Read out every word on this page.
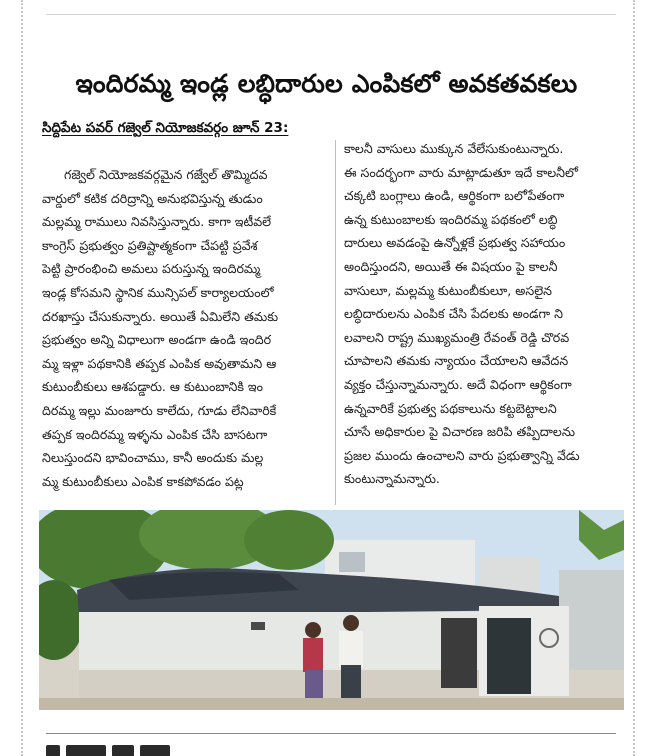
ఇందిరమ్మ ఇండ్ల లబ్ధిదారుల ఎంపికలో అవకతవకలు
సిద్దిపేట పవర్ గజ్వెల్ నియోజకవర్గం జూన్ 23:
గజ్వెల్ నియోజకవర్గమైన గజ్వేల్ తొమ్మిదవ
వార్డులో కటిక దరిద్రాన్ని అనుభవిస్తున్న తుడుం
మల్లమ్మ రాములు నివసిస్తున్నారు. కాగా ఇటీవలే
కాంగ్రెస్ ప్రభుత్వం ప్రతిష్టాత్మకంగా చేపట్టి ప్రవేశ
పెట్టి ప్రారంభించి అమలు పరుస్తున్న ఇందిరమ్మ
ఇండ్ల కోసమని స్థానిక మున్సిపల్ కార్యాలయంలో
దరఖాస్తు చేసుకున్నారు. అయితే ఏమిలేని తమకు
ప్రభుత్వం అన్ని విధాలుగా అండగా ఉండి ఇందిర
మ్మ ఇళ్లా పథకానికి తప్పక ఎంపిక అవుతామని ఆ
కుటుంబీకులు ఆశపడ్డారు. ఆ కుటుంబానికి ఇం
దిరమ్మ ఇల్లు మంజూరు కాలేదు, గూడు లేనివారికే
తప్పక ఇందిరమ్మ ఇళ్ళను ఎంపిక చేసి బాసటగా
నిలుస్తుందని భావించాము, కానీ అందుకు మల్ల
మ్మ కుటుంబీకులు ఎంపిక కాకపోవడం పట్ల
కాలనీ వాసులు ముక్కున వేలేసుకుంటున్నారు.
ఈ సందర్భంగా వారు మాట్లాడుతూ ఇదే కాలనీలో
చక్కటి బంగ్లాలు ఉండి, ఆర్థికంగా బలోపేతంగా
ఉన్న కుటుంబాలకు ఇందిరమ్మ పథకంలో లబ్ధి
దారులు అవడంపై ఉన్నోళ్లకే ప్రభుత్వ సహాయం
అందిస్తుందని, అయితే ఈ విషయం పై కాలనీ
వాసులూ, మల్లమ్మ కుటుంబీకులూ, అసలైన
లబ్ధిదారులను ఎంపిక చేసి పేదలకు అండగా ని
లవాలని రాష్ట్ర ముఖ్యమంత్రి రేవంత్ రెడ్డి చొరవ
చూపాలని తమకు న్యాయం చేయాలని ఆవేదన
వ్యక్తం చేస్తున్నామన్నారు. అదే విధంగా ఆర్థికంగా
ఉన్నవారికే ప్రభుత్వ పథకాలును కట్టబెట్టాలని
చూసే అధికారుల పై విచారణ జరిపి తప్పిదాలను
ప్రజల ముందు ఉంచాలని వారు ప్రభుత్వాన్ని వేడు
కుంటున్నామన్నారు.
